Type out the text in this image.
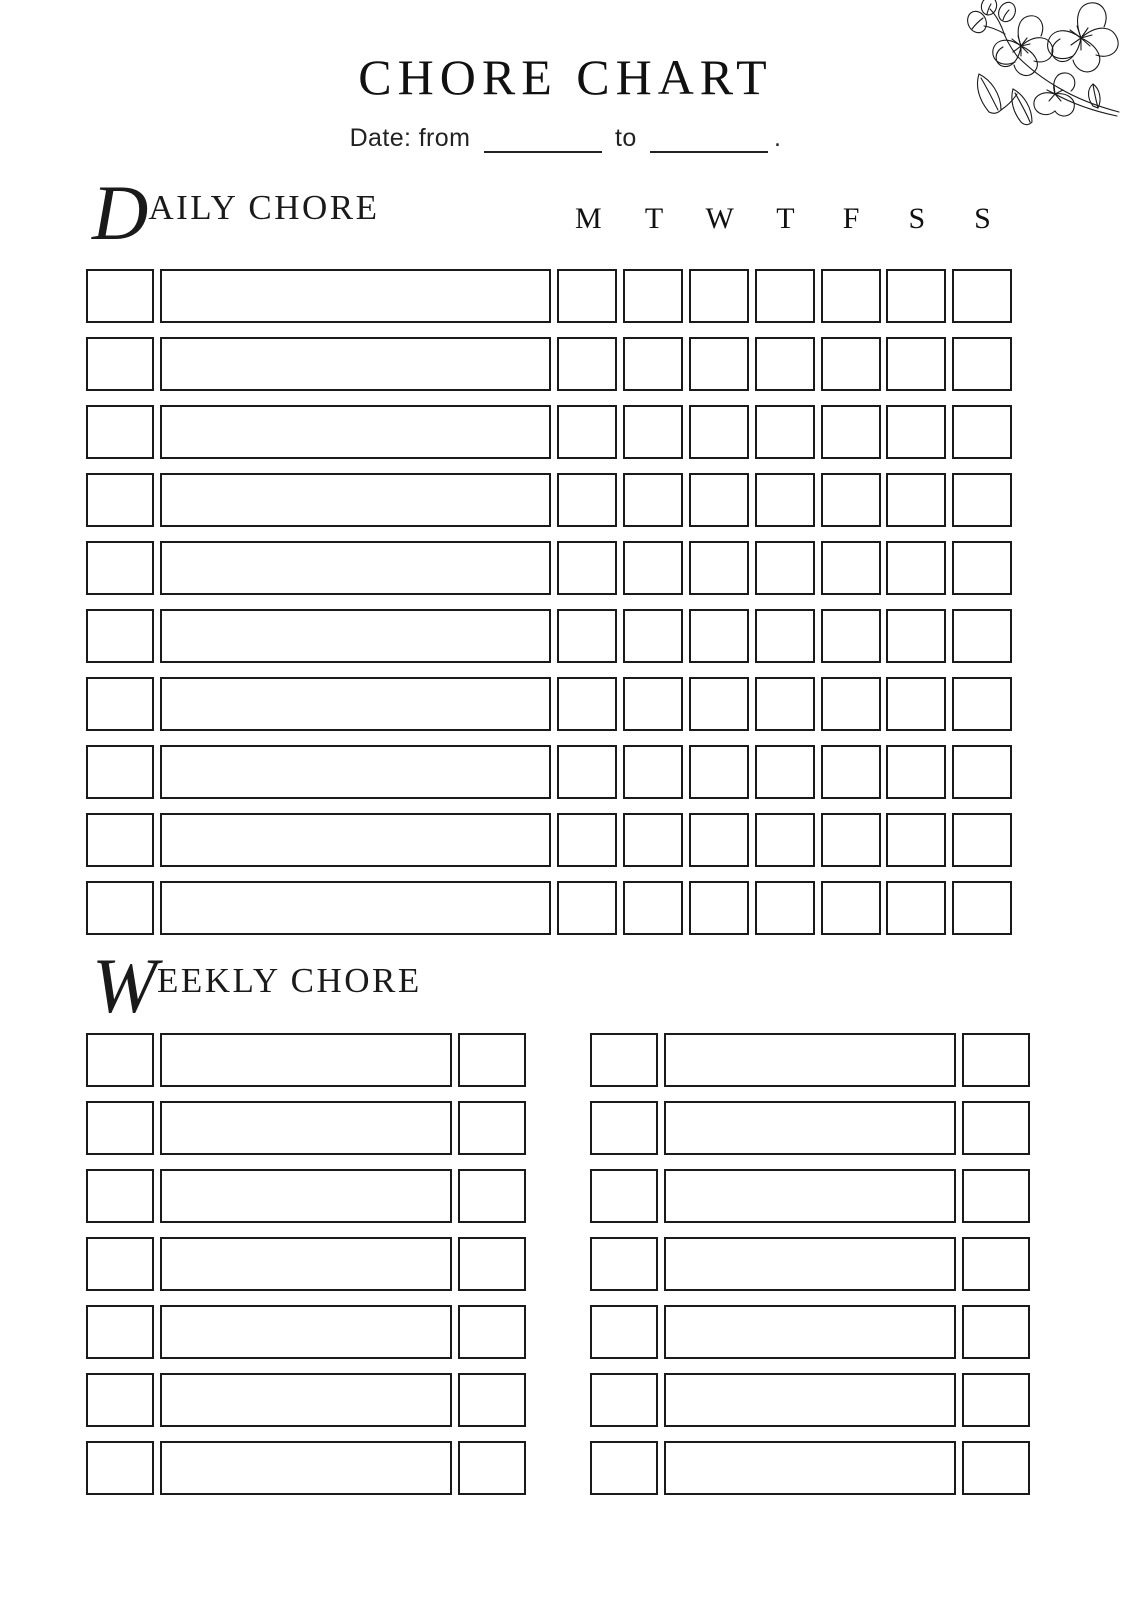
CHORE CHART
Date: from	to	.
DAILY CHORE	M	T	W	T	F	S	S
WEEKLY CHORE
